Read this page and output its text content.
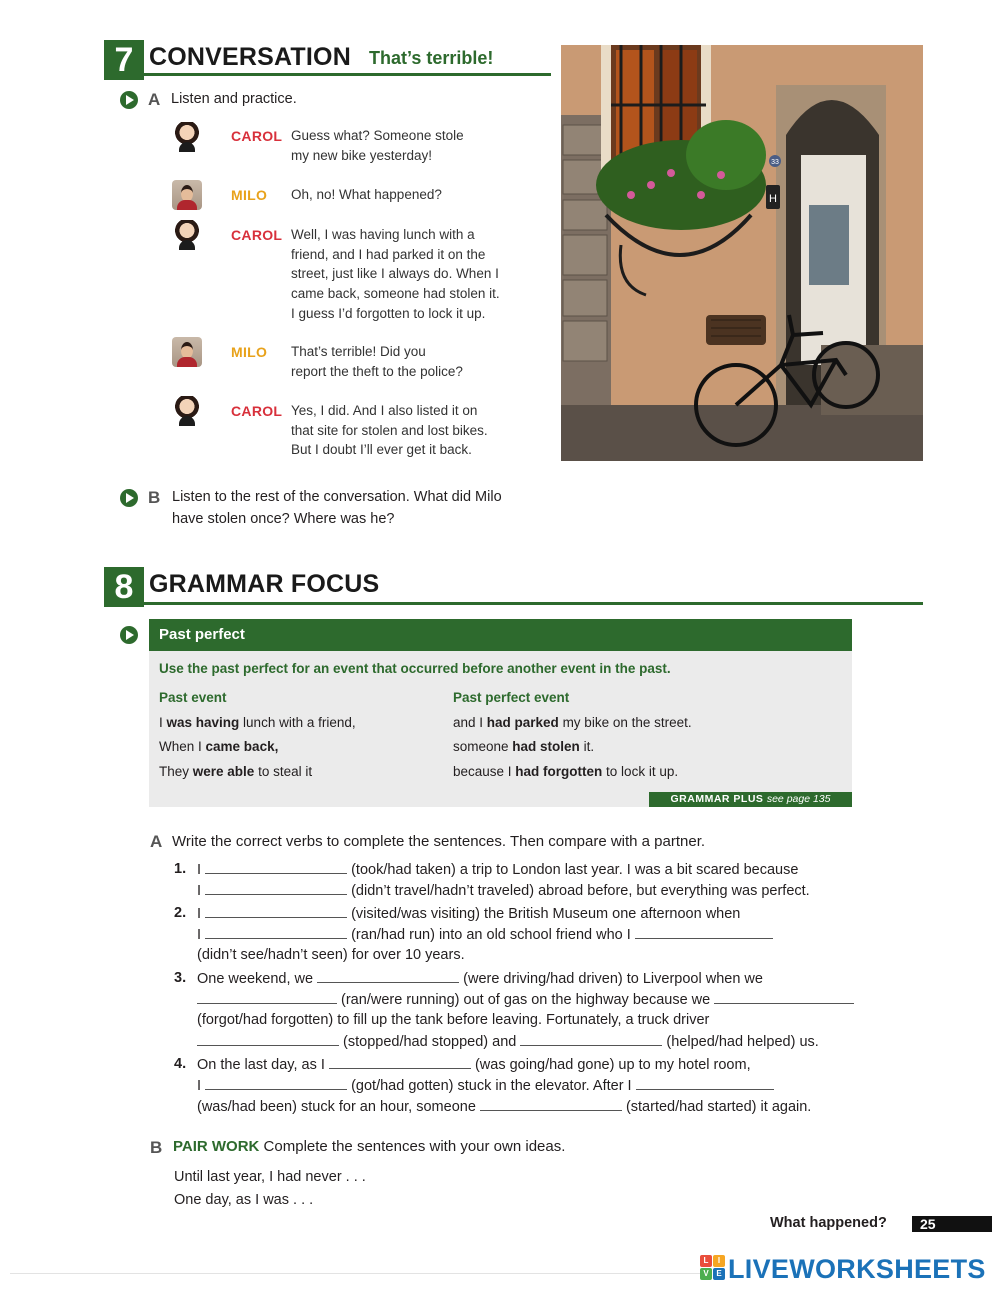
7 CONVERSATION That’s terrible!
A Listen and practice.
CAROL Guess what? Someone stole
my new bike yesterday!
MILO Oh, no! What happened?
CAROL Well, I was having lunch with a
friend, and I had parked it on the
street, just like I always do. When I
came back, someone had stolen it.
I guess I’d forgotten to lock it up.
MILO That’s terrible! Did you
report the theft to the police?
CAROL Yes, I did. And I also listed it on
that site for stolen and lost bikes.
But I doubt I’ll ever get it back.
H
33
B Listen to the rest of the conversation. What did Milo
have stolen once? Where was he?
8 GRAMMAR FOCUS
Past perfect
Use the past perfect for an event that occurred before another event in the past.
Past event	Past perfect event
I was having lunch with a friend,	and I had parked my bike on the street.
When I came back,	someone had stolen it.
They were able to steal it	because I had forgotten to lock it up.
GRAMMAR PLUS see page 135
A Write the correct verbs to complete the sentences. Then compare with a partner.
1. I	(took/had taken) a trip to London last year. I was a bit scared because
I	(didn’t travel/hadn’t traveled) abroad before, but everything was perfect.
2. I	(visited/was visiting) the British Museum one afternoon when
I	(ran/had run) into an old school friend who I
(didn’t see/hadn’t seen) for over 10 years.
3. One weekend, we	(were driving/had driven) to Liverpool when we
(ran/were running) out of gas on the highway because we
(forgot/had forgotten) to fill up the tank before leaving. Fortunately, a truck driver
(stopped/had stopped) and	(helped/had helped) us.
4. On the last day, as I	(was going/had gone) up to my hotel room,
I	(got/had gotten) stuck in the elevator. After I
(was/had been) stuck for an hour, someone	(started/had started) it again.
B PAIR WORK Complete the sentences with your own ideas.
Until last year, I had never . . .
One day, as I was . . .
What happened?	25
L	I
V E LIVEWORKSHEETS
